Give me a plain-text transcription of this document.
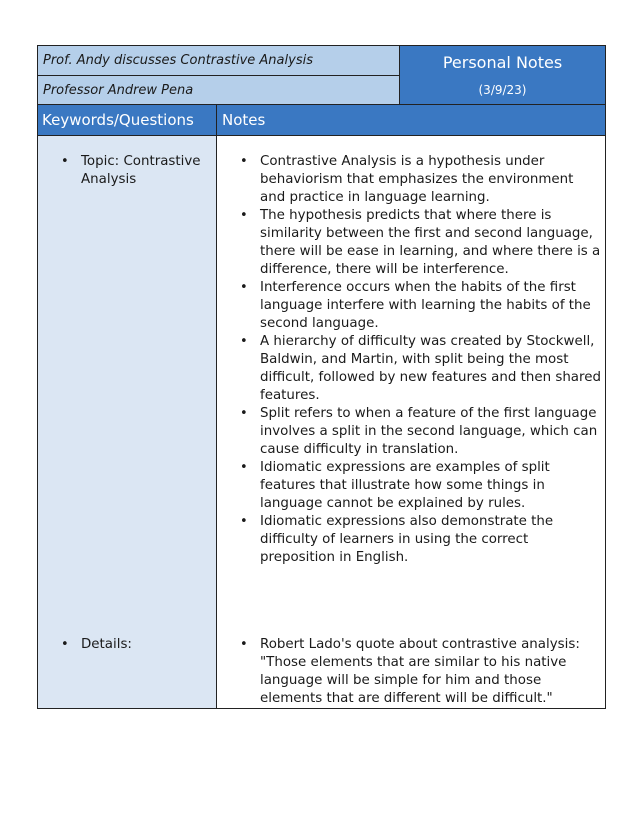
Prof. Andy discusses Contrastive Analysis
Professor Andrew Pena
Personal Notes
(3/9/23)
Keywords/Questions	Notes
• Topic: Contrastive Analysis
• Details:
• Contrastive Analysis is a hypothesis under behaviorism that emphasizes the environment and practice in language learning.
• The hypothesis predicts that where there is similarity between the first and second language, there will be ease in learning, and where there is a difference, there will be interference.
• Interference occurs when the habits of the first language interfere with learning the habits of the second language.
• A hierarchy of difficulty was created by Stockwell, Baldwin, and Martin, with split being the most difficult, followed by new features and then shared features.
• Split refers to when a feature of the first language involves a split in the second language, which can cause difficulty in translation.
• Idiomatic expressions are examples of split features that illustrate how some things in language cannot be explained by rules.
• Idiomatic expressions also demonstrate the difficulty of learners in using the correct preposition in English.
• Robert Lado's quote about contrastive analysis: "Those elements that are similar to his native language will be simple for him and those elements that are different will be difficult."
